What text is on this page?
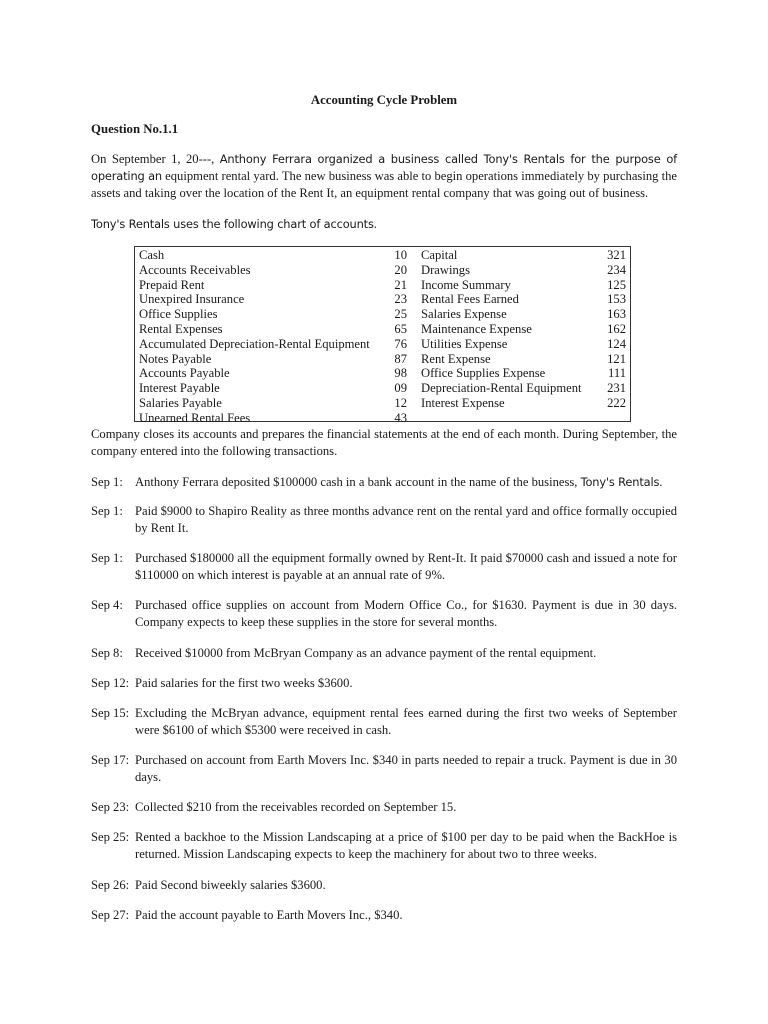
Accounting Cycle Problem
Question No.1.1

On September 1, 20---, Anthony Ferrara organized a business called Tony's Rentals for the purpose of operating an equipment rental yard. The new business was able to begin operations immediately by purchasing the assets and taking over the location of the Rent It, an equipment rental company that was going out of business.

Tony's Rentals uses the following chart of accounts.
Cash	10
Accounts Receivables	20
Prepaid Rent	21
Unexpired Insurance	23
Office Supplies	25
Rental Expenses	65
Accumulated Depreciation-Rental Equipment 76
Notes Payable	87
Accounts Payable	98
Interest Payable	09
Salaries Payable	12
Unearned Rental Fees	43
Capital	321
Drawings	234
Income Summary	125
Rental Fees Earned	153
Salaries Expense	163
Maintenance Expense	162
Utilities Expense	124
Rent Expense	121
Office Supplies Expense	111
Depreciation-Rental Equipment 231
Interest Expense	222

Company closes its accounts and prepares the financial statements at the end of each month. During September, the company entered into the following transactions.

Sep 1: Anthony Ferrara deposited $100000 cash in a bank account in the name of the business, Tony's Rentals.

Sep 1: Paid $9000 to Shapiro Reality as three months advance rent on the rental yard and office formally occupied by Rent It.

Sep 1: Purchased $180000 all the equipment formally owned by Rent-It. It paid $70000 cash and issued a note for $110000 on which interest is payable at an annual rate of 9%.

Sep 4: Purchased office supplies on account from Modern Office Co., for $1630. Payment is due in 30 days. Company expects to keep these supplies in the store for several months.

Sep 8: Received $10000 from McBryan Company as an advance payment of the rental equipment.

Sep 12: Paid salaries for the first two weeks $3600.

Sep 15: Excluding the McBryan advance, equipment rental fees earned during the first two weeks of September were $6100 of which $5300 were received in cash.

Sep 17: Purchased on account from Earth Movers Inc. $340 in parts needed to repair a truck. Payment is due in 30 days.

Sep 23: Collected $210 from the receivables recorded on September 15.

Sep 25: Rented a backhoe to the Mission Landscaping at a price of $100 per day to be paid when the BackHoe is returned. Mission Landscaping expects to keep the machinery for about two to three weeks.

Sep 26: Paid Second biweekly salaries $3600.

Sep 27: Paid the account payable to Earth Movers Inc., $340.
